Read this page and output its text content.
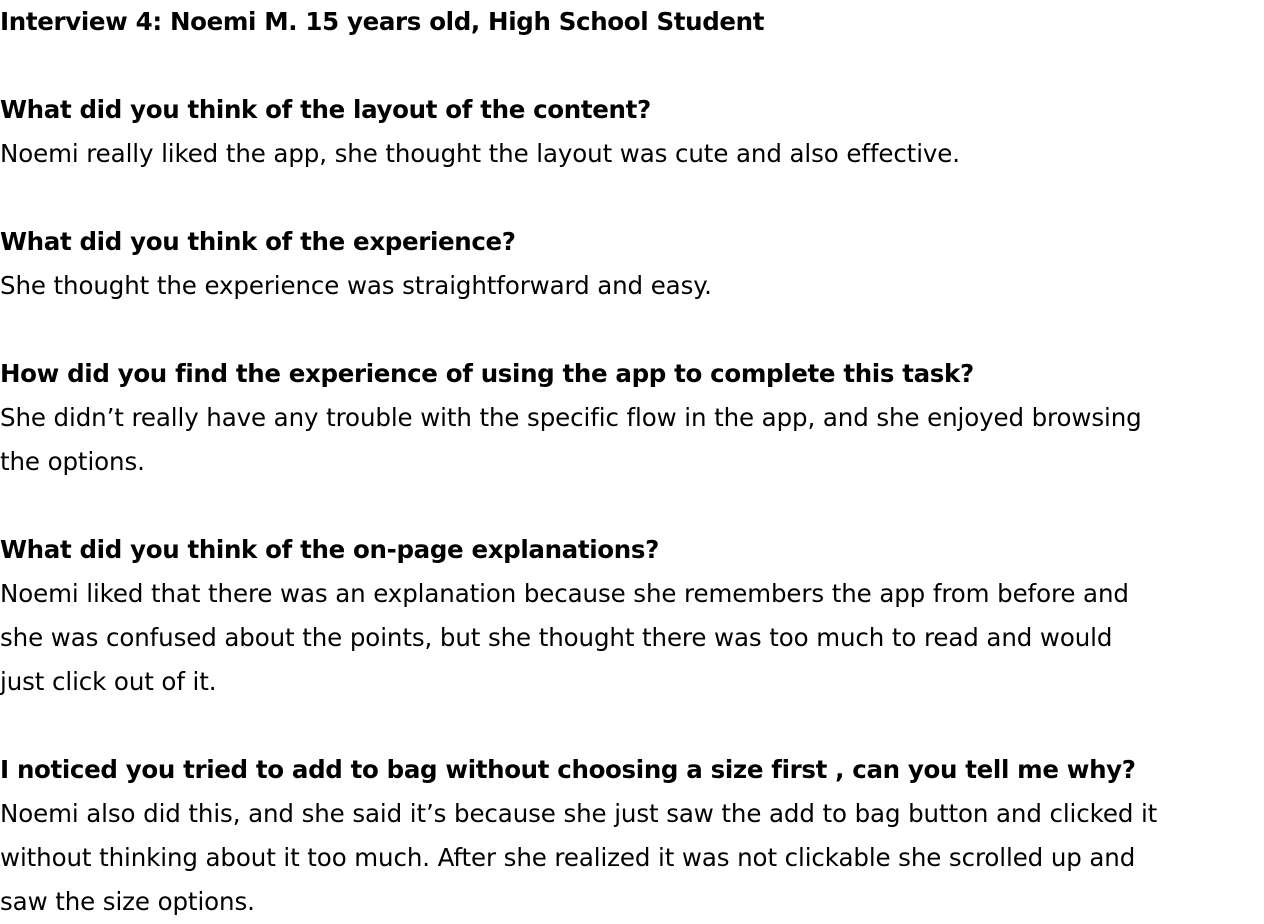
Interview 4: Noemi M. 15 years old, High School Student

What did you think of the layout of the content?

Noemi really liked the app, she thought the layout was cute and also effective.

What did you think of the experience?

She thought the experience was straightforward and easy.

How did you find the experience of using the app to complete this task?

She didn’t really have any trouble with the specific flow in the app, and she enjoyed browsing

the options.

What did you think of the on-page explanations?

Noemi liked that there was an explanation because she remembers the app from before and

she was confused about the points, but she thought there was too much to read and would

just click out of it.

I noticed you tried to add to bag without choosing a size first , can you tell me why?

Noemi also did this, and she said it’s because she just saw the add to bag button and clicked it

without thinking about it too much. After she realized it was not clickable she scrolled up and

saw the size options.
